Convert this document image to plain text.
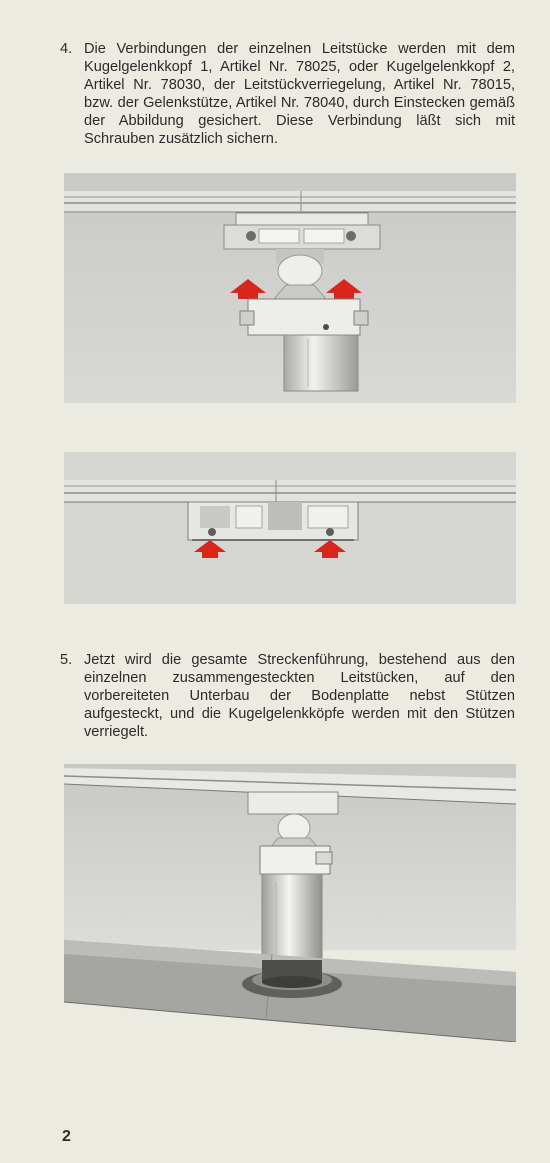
4. Die Verbindungen der einzelnen Leitstücke werden mit dem Kugelgelenkkopf 1, Artikel Nr. 78025, oder Kugelgelenkkopf 2, Artikel Nr. 78030, der Leitstückverriegelung, Artikel Nr. 78015, bzw. der Gelenkstütze, Artikel Nr. 78040, durch Einstecken gemäß der Abbildung gesichert. Diese Verbindung läßt sich mit Schrauben zusätzlich sichern.

5. Jetzt wird die gesamte Streckenführung, bestehend aus den einzelnen zusammengesteckten Leitstücken, auf den vorbereiteten Unterbau der Bodenplatte nebst Stützen aufgesteckt, und die Kugelgelenkköpfe werden mit den Stützen verriegelt.

2
